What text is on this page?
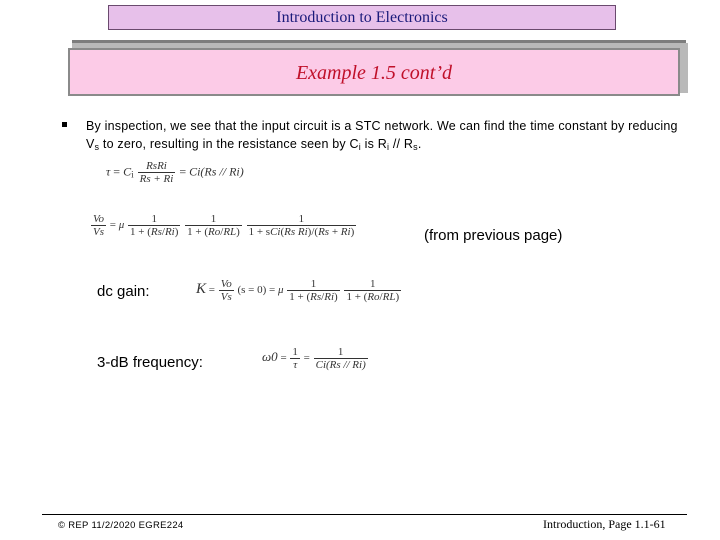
Introduction to Electronics
Example 1.5 cont’d
By inspection, we see that the input circuit is a STC network. We can find the time constant by reducing $V_s$ to zero, resulting in the resistance seen by $C_i$ is $R_i // R_s$.
$\tau = C_i \frac{\text{RsRi}}{Rs + Ri} = Ci(Rs // Ri)$
$\frac{Vo}{Vs} = \mu \frac{1}{1 + (Rs/Ri)}$
$\frac{1}{1 + (Ro/RL)}$
$\frac{1}{\text{1 + sCi(Rs Ri)/(Rs + Ri)}}$	(from previous page)
dc gain:	$K = \frac{Vo}{Vs} (s = 0) = \mu \frac{1}{1 + (Rs/Ri)}$
$\frac{1}{1 + (Ro/RL)}$
3-dB frequency:	$\omega 0 = \frac{1}{\tau} = \frac{1}{Ci(Rs // Ri)}$
© REP 11/2/2020 EGRE224	Introduction, Page 1.1-61
